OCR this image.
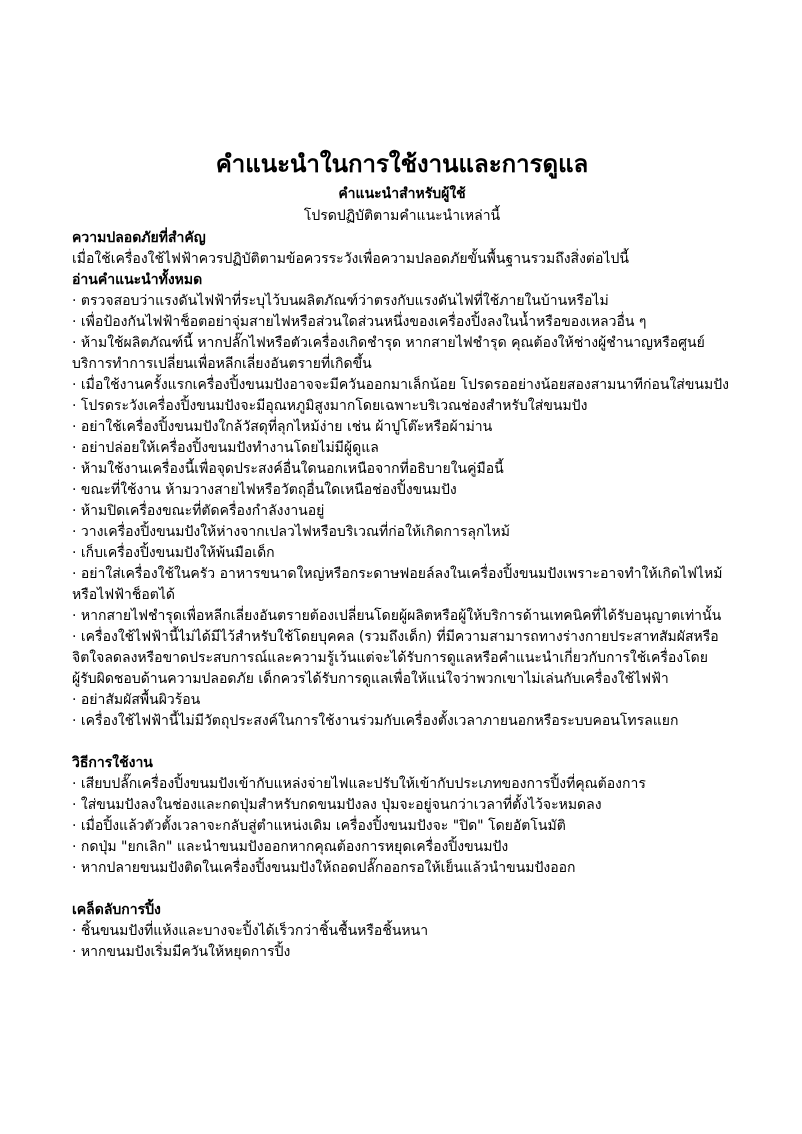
คำแนะนำในการใช้งานและการดูแล

คำแนะนำสำหรับผู้ใช้

โปรดปฏิบัติตามคำแนะนำเหล่านี้

ความปลอดภัยที่สำคัญ

เมื่อใช้เครื่องใช้ไฟฟ้าควรปฏิบัติตามข้อควรระวังเพื่อความปลอดภัยขั้นพื้นฐานรวมถึงสิ่งต่อไปนี้

อ่านคำแนะนำทั้งหมด

· ตรวจสอบว่าแรงดันไฟฟ้าที่ระบุไว้บนผลิตภัณฑ์ว่าตรงกับแรงดันไฟที่ใช้ภายในบ้านหรือไม่
· เพื่อป้องกันไฟฟ้าช็อตอย่าจุ่มสายไฟหรือส่วนใดส่วนหนึ่งของเครื่องปิ้งลงในน้ำหรือของเหลวอื่น ๆ
· ห้ามใช้ผลิตภัณฑ์นี้ หากปลั๊กไฟหรือตัวเครื่องเกิดชำรุด หากสายไฟชำรุด คุณต้องให้ช่างผู้ชำนาญหรือศูนย์บริการทำการเปลี่ยนเพื่อหลีกเลี่ยงอันตรายที่เกิดขึ้น
· เมื่อใช้งานครั้งแรกเครื่องปิ้งขนมปังอาจจะมีควันออกมาเล็กน้อย โปรดรออย่างน้อยสองสามนาทีก่อนใส่ขนมปัง
· โปรดระวังเครื่องปิ้งขนมปังจะมีอุณหภูมิสูงมากโดยเฉพาะบริเวณช่องสำหรับใส่ขนมปัง
· อย่าใช้เครื่องปิ้งขนมปังใกล้วัสดุที่ลุกไหม้ง่าย เช่น ผ้าปูโต๊ะหรือผ้าม่าน
· อย่าปล่อยให้เครื่องปิ้งขนมปังทำงานโดยไม่มีผู้ดูแล
· ห้ามใช้งานเครื่องนี้เพื่อจุดประสงค์อื่นใดนอกเหนือจากที่อธิบายในคู่มือนี้
· ขณะที่ใช้งาน ห้ามวางสายไฟหรือวัตถุอื่นใดเหนือช่องปิ้งขนมปัง
· ห้ามปิดเครื่องขณะที่ตัดครื่องกำลังงานอยู่
· วางเครื่องปิ้งขนมปังให้ห่างจากเปลวไฟหรือบริเวณที่ก่อให้เกิดการลุกไหม้
· เก็บเครื่องปิ้งขนมปังให้พ้นมือเด็ก
· อย่าใส่เครื่องใช้ในครัว อาหารขนาดใหญ่หรือกระดาษฟอยล์ลงในเครื่องปิ้งขนมปังเพราะอาจทำให้เกิดไฟไหม้หรือไฟฟ้าช็อตได้
· หากสายไฟชำรุดเพื่อหลีกเลี่ยงอันตรายต้องเปลี่ยนโดยผู้ผลิตหรือผู้ให้บริการด้านเทคนิคที่ได้รับอนุญาตเท่านั้น
· เครื่องใช้ไฟฟ้านี้ไม่ได้มีไว้สำหรับใช้โดยบุคคล (รวมถึงเด็ก) ที่มีความสามารถทางร่างกายประสาทสัมผัสหรือจิตใจลดลงหรือขาดประสบการณ์และความรู้เว้นแต่จะได้รับการดูแลหรือคำแนะนำเกี่ยวกับการใช้เครื่องโดยผู้รับผิดชอบด้านความปลอดภัย เด็กควรได้รับการดูแลเพื่อให้แน่ใจว่าพวกเขาไม่เล่นกับเครื่องใช้ไฟฟ้า
· อย่าสัมผัสพื้นผิวร้อน
· เครื่องใช้ไฟฟ้านี้ไม่มีวัตถุประสงค์ในการใช้งานร่วมกับเครื่องตั้งเวลาภายนอกหรือระบบคอนโทรลแยก

วิธีการใช้งาน

· เสียบปลั๊กเครื่องปิ้งขนมปังเข้ากับแหล่งจ่ายไฟและปรับให้เข้ากับประเภทของการปิ้งที่คุณต้องการ
· ใส่ขนมปังลงในช่องและกดปุ่มสำหรับกดขนมปังลง ปุ่มจะอยู่จนกว่าเวลาที่ตั้งไว้จะหมดลง
· เมื่อปิ้งแล้วตัวตั้งเวลาจะกลับสู่ตำแหน่งเดิม เครื่องปิ้งขนมปังจะ "ปิด" โดยอัตโนมัติ
· กดปุ่ม "ยกเลิก" และนำขนมปังออกหากคุณต้องการหยุดเครื่องปิ้งขนมปัง
· หากปลายขนมปังติดในเครื่องปิ้งขนมปังให้ถอดปลั๊กออกรอให้เย็นแล้วนำขนมปังออก

เคล็ดลับการปิ้ง

· ชิ้นขนมปังที่แห้งและบางจะปิ้งได้เร็วกว่าชิ้นชื้นหรือชิ้นหนา
· หากขนมปังเริ่มมีควันให้หยุดการปิ้ง
